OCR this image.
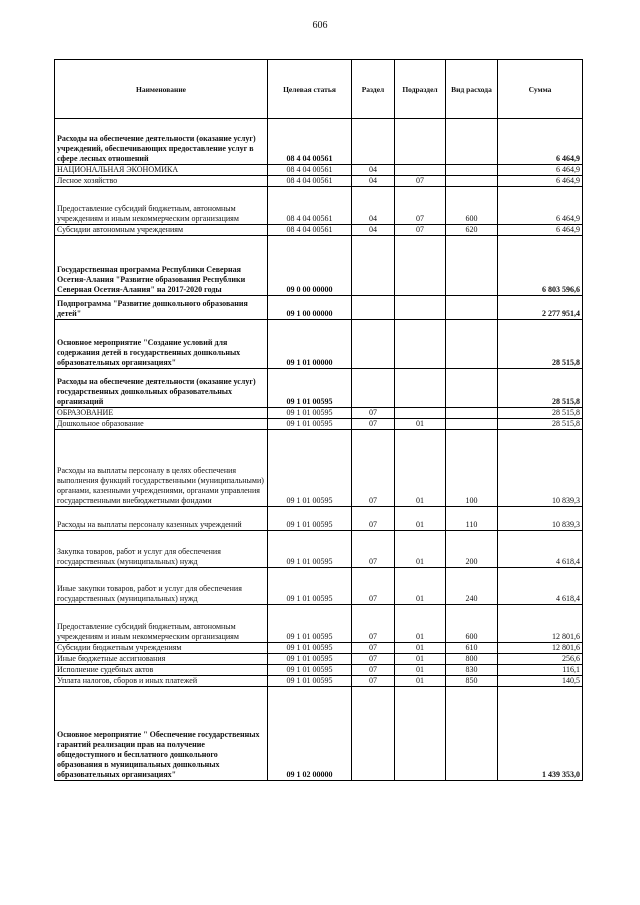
606
Наименование	Целевая статья	Раздел	Подраздел	Вид расхода	Сумма
Расходы на обеспечение деятельности (оказание услуг) учреждений, обеспечивающих предоставление услуг в сфере лесных отношений	08 4 04 00561				6 464,9
НАЦИОНАЛЬНАЯ ЭКОНОМИКА	08 4 04 00561	04			6 464,9
Лесное хозяйство	08 4 04 00561	04	07		6 464,9
Предоставление субсидий бюджетным, автономным учреждениям и иным некоммерческим организациям	08 4 04 00561	04	07	600	6 464,9
Субсидии автономным учреждениям	08 4 04 00561	04	07	620	6 464,9
Государственная программа Республики Северная Осетия-Алания "Развитие образования Республики Северная Осетия-Алания" на 2017-2020 годы	09 0 00 00000				6 803 596,6
Подпрограмма "Развитие дошкольного образования детей"	09 1 00 00000				2 277 951,4
Основное мероприятие "Создание условий для содержания детей в государственных дошкольных образовательных организациях"	09 1 01 00000				28 515,8
Расходы на обеспечение деятельности (оказание услуг) государственных дошкольных образовательных организаций	09 1 01 00595				28 515,8
ОБРАЗОВАНИЕ	09 1 01 00595	07			28 515,8
Дошкольное образование	09 1 01 00595	07	01		28 515,8
Расходы на выплаты персоналу в целях обеспечения выполнения функций государственными (муниципальными) органами, казенными учреждениями, органами управления государственными внебюджетными фондами	09 1 01 00595	07	01	100	10 839,3
Расходы на выплаты персоналу казенных учреждений	09 1 01 00595	07	01	110	10 839,3
Закупка товаров, работ и услуг для обеспечения государственных (муниципальных) нужд	09 1 01 00595	07	01	200	4 618,4
Иные закупки товаров, работ и услуг для обеспечения государственных (муниципальных) нужд	09 1 01 00595	07	01	240	4 618,4
Предоставление субсидий бюджетным, автономным учреждениям и иным некоммерческим организациям	09 1 01 00595	07	01	600	12 801,6
Субсидии бюджетным учреждениям	09 1 01 00595	07	01	610	12 801,6
Иные бюджетные ассигнования	09 1 01 00595	07	01	800	256,6
Исполнение судебных актов	09 1 01 00595	07	01	830	116,1
Уплата налогов, сборов и иных платежей	09 1 01 00595	07	01	850	140,5
Основное мероприятие " Обеспечение государственных гарантий реализации прав на получение общедоступного и бесплатного дошкольного образования в муниципальных дошкольных образовательных организациях"	09 1 02 00000				1 439 353,0
